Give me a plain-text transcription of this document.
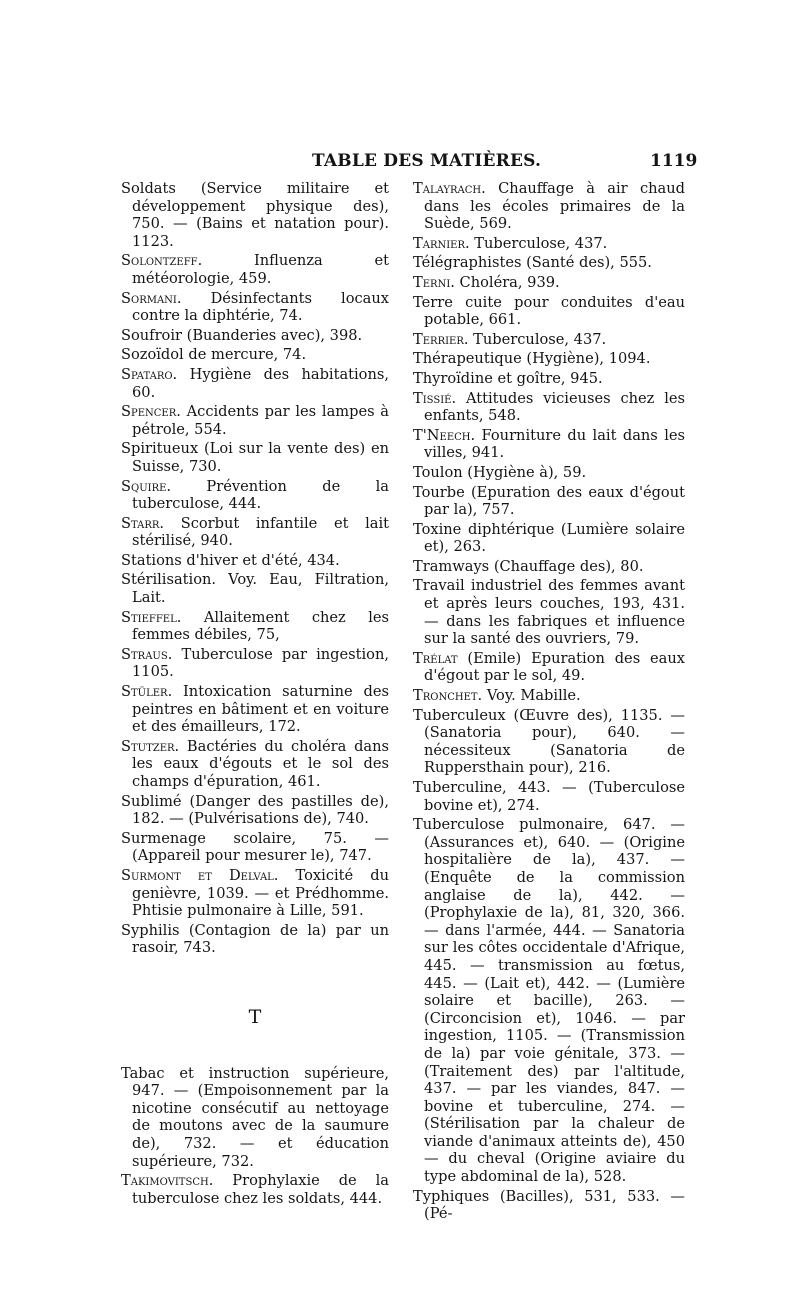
TABLE DES MATIÈRES.	1119
Soldats (Service militaire et développement physique des), 750. — (Bains et natation pour). 1123.
Solontzeff. Influenza et météorologie, 459.
Sormani. Désinfectants locaux contre la diphtérie, 74.
Soufroir (Buanderies avec), 398.
Sozoïdol de mercure, 74.
Spataro. Hygiène des habitations, 60.
Spencer. Accidents par les lampes à pétrole, 554.
Spiritueux (Loi sur la vente des) en Suisse, 730.
Squire. Prévention de la tuberculose, 444.
Starr. Scorbut infantile et lait stérilisé, 940.
Stations d'hiver et d'été, 434.
Stérilisation. Voy. Eau, Filtration, Lait.
Stieffel. Allaitement chez les femmes débiles, 75,
Straus. Tuberculose par ingestion, 1105.
Stüler. Intoxication saturnine des peintres en bâtiment et en voiture et des émailleurs, 172.
Stutzer. Bactéries du choléra dans les eaux d'égouts et le sol des champs d'épuration, 461.
Sublimé (Danger des pastilles de), 182. — (Pulvérisations de), 740.
Surmenage scolaire, 75. — (Appareil pour mesurer le), 747.
Surmont et Delval. Toxicité du genièvre, 1039. — et Prédhomme. Phtisie pulmonaire à Lille, 591.
Syphilis (Contagion de la) par un rasoir, 743.
T
Tabac et instruction supérieure, 947. — (Empoisonnement par la nicotine consécutif au nettoyage de moutons avec de la saumure de), 732. — et éducation supérieure, 732.
Takimovitsch. Prophylaxie de la tuberculose chez les soldats, 444.
Talayrach. Chauffage à air chaud dans les écoles primaires de la Suède, 569.
Tarnier. Tuberculose, 437.
Télégraphistes (Santé des), 555.
Terni. Choléra, 939.
Terre cuite pour conduites d'eau potable, 661.
Terrier. Tuberculose, 437.
Thérapeutique (Hygiène), 1094.
Thyroïdine et goître, 945.
Tissié. Attitudes vicieuses chez les enfants, 548.
T'Neech. Fourniture du lait dans les villes, 941.
Toulon (Hygiène à), 59.
Tourbe (Epuration des eaux d'égout par la), 757.
Toxine diphtérique (Lumière solaire et), 263.
Tramways (Chauffage des), 80.
Travail industriel des femmes avant et après leurs couches, 193, 431. — dans les fabriques et influence sur la santé des ouvriers, 79.
Trélat (Emile) Epuration des eaux d'égout par le sol, 49.
Tronchet. Voy. Mabille.
Tuberculeux (Œuvre des), 1135. — (Sanatoria pour), 640. — nécessiteux (Sanatoria de Ruppersthain pour), 216.
Tuberculine, 443. — (Tuberculose bovine et), 274.
Tuberculose pulmonaire, 647. — (Assurances et), 640. — (Origine hospitalière de la), 437. — (Enquête de la commission anglaise de la), 442. — (Prophylaxie de la), 81, 320, 366. — dans l'armée, 444. — Sanatoria sur les côtes occidentale d'Afrique, 445. — transmission au fœtus, 445. — (Lait et), 442. — (Lumière solaire et bacille), 263. — (Circoncision et), 1046. — par ingestion, 1105. — (Transmission de la) par voie génitale, 373. — (Traitement des) par l'altitude, 437. — par les viandes, 847. — bovine et tuberculine, 274. — (Stérilisation par la chaleur de viande d'animaux atteints de), 450 — du cheval (Origine aviaire du type abdominal de la), 528.
Typhiques (Bacilles), 531, 533. — (Pé-
